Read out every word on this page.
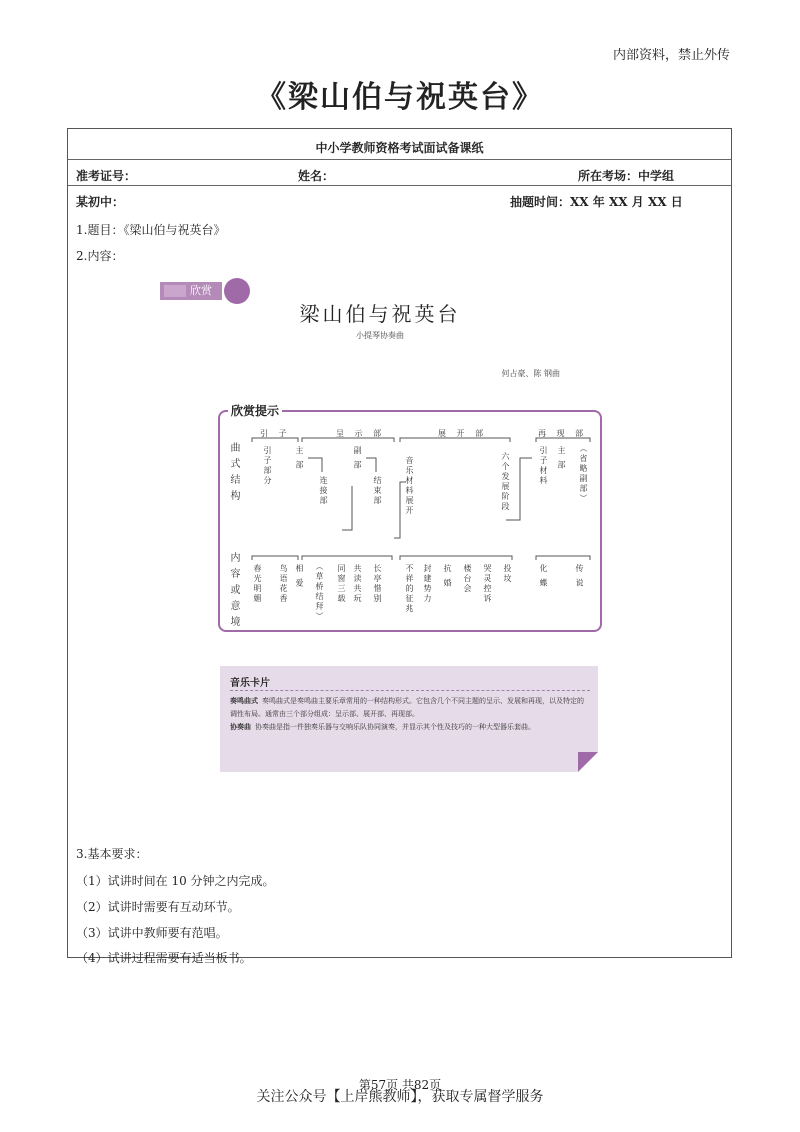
内部资料，禁止外传
《梁山伯与祝英台》
中小学教师资格考试面试备课纸
准考证号：	姓名：	所在考场：中学组
某初中：	抽题时间：XX 年 XX 月 XX 日
1.题目：《梁山伯与祝英台》
2.内容：
3.基本要求：
（1）试讲时间在 10 分钟之内完成。
（2）试讲时需要有互动环节。
（3）试讲中教师要有范唱。
（4）试讲过程需要有适当板书。
欣赏
梁山伯与祝英台
小提琴协奏曲
何占豪、陈 钢曲
欣赏提示
曲式结构
内容或意境
引 子	呈 示 部	展 开 部	再 现 部
引子部分	主 部
连接部
副 部
结束部	音乐材料展开	六个发展阶段	引子材料 主 部 （省略副部）
春光明媚 鸟语花香 相 爱 （草桥结拜） 同窗三载 共读共玩 长亭惜别	不祥的征兆 封建势力 抗 婚 楼台会 哭灵控诉 投坟	化 蝶	传 说
音乐卡片
奏鸣曲式 奏鸣曲式是奏鸣曲主要乐章常用的一种结构形式。它包含几个不同主题的呈示、发展和再现，以及特定的调性布局。通常由三个部分组成：呈示部、展开部、再现部。
协奏曲 协奏曲是指一件独奏乐器与交响乐队协同演奏，并显示其个性及技巧的一种大型器乐套曲。
第57页 共82页
关注公众号【上岸熊教师】，获取专属督学服务
